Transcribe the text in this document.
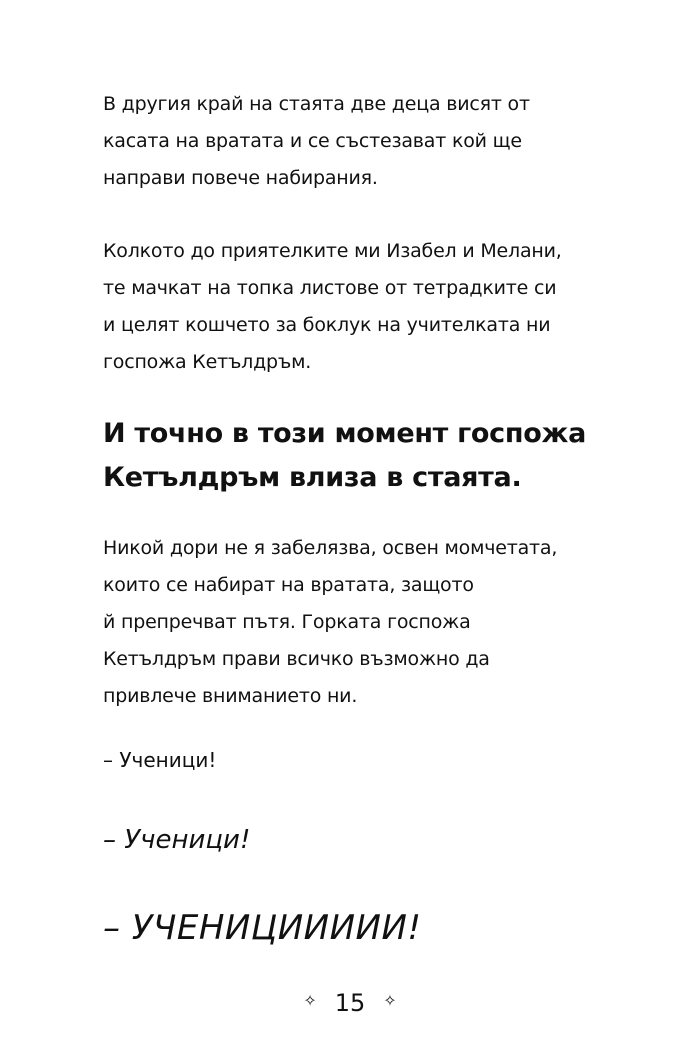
В другия край на стаята две деца висят от
касата на вратата и се състезават кой ще
направи повече набирания.

Колкото до приятелките ми Изабел и Мелани,
те мачкат на топка листове от тетрадките си
и целят кошчето за боклук на учителката ни
госпожа Кетълдръм.

И точно в този момент госпожа
Кетълдръм влиза в стаята.

Никой дори не я забелязва, освен момчетата,
които се набират на вратата, защото
й препречват пътя. Горката госпожа
Кетълдръм прави всичко възможно да
привлече вниманието ни.

– Ученици!

– Ученици!

– УЧЕНИЦИИИИИ!

✧ 15 ✧
